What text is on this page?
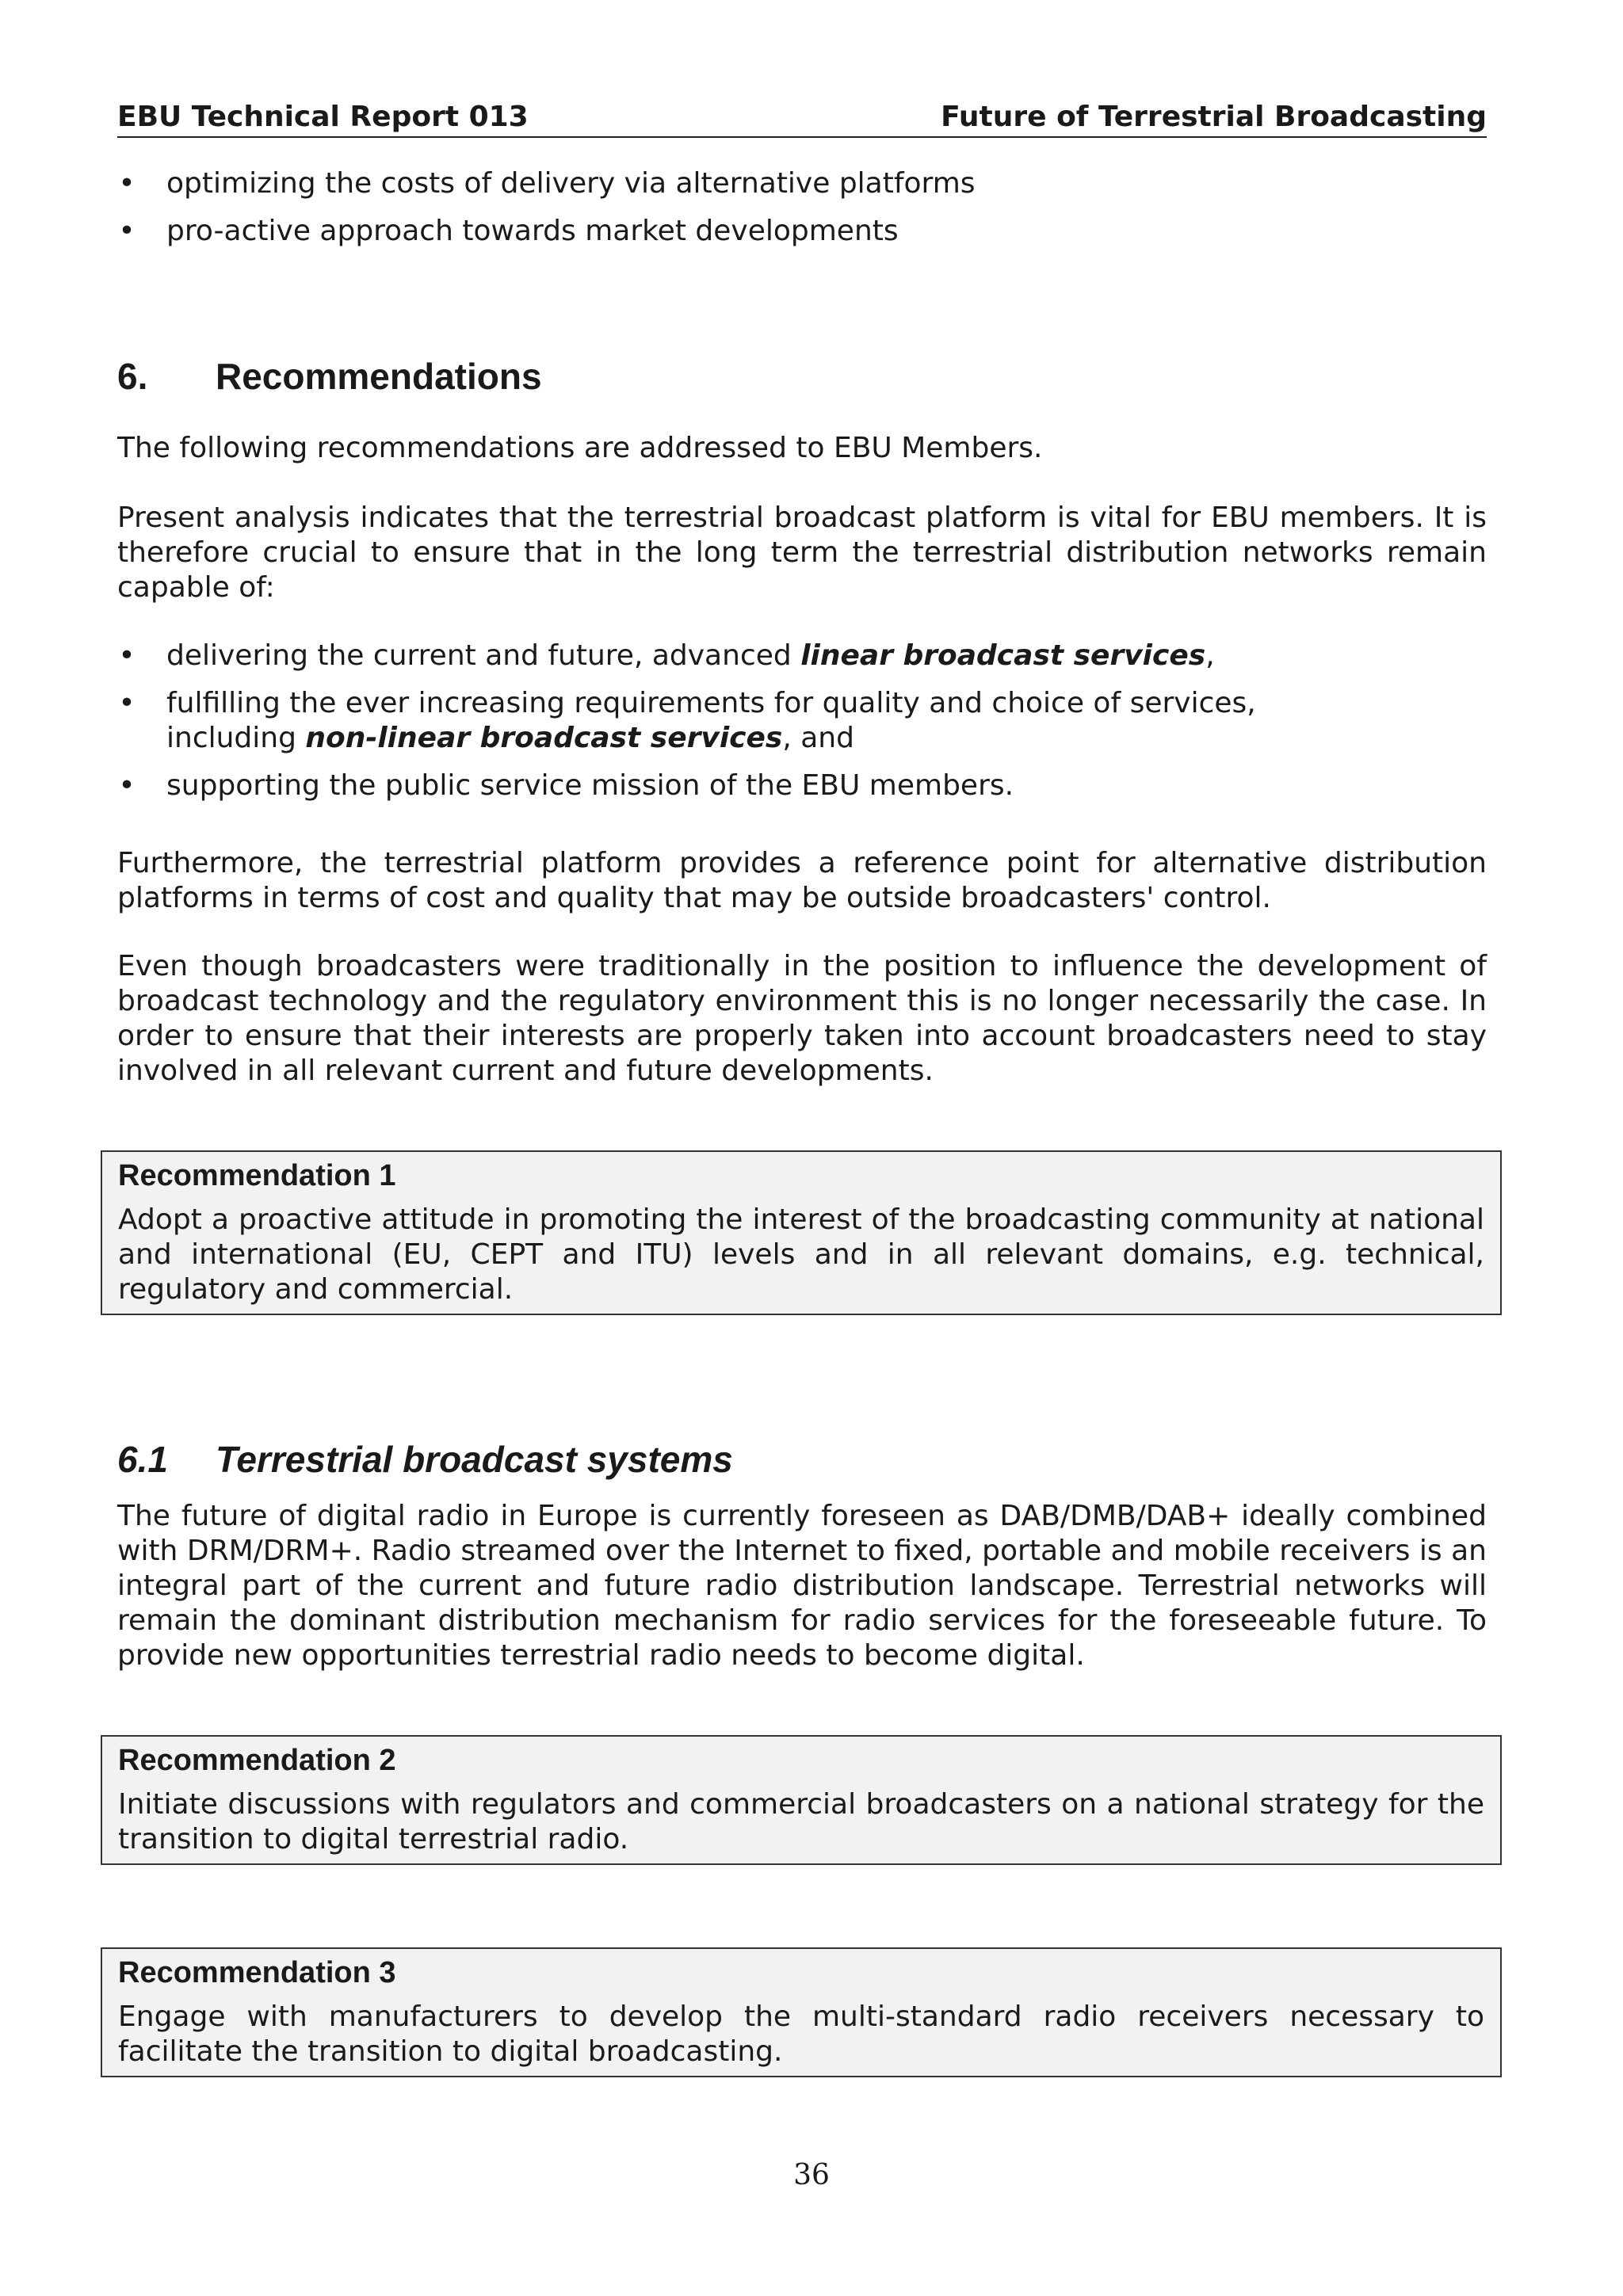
EBU Technical Report 013	Future of Terrestrial Broadcasting
• optimizing the costs of delivery via alternative platforms
• pro-active approach towards market developments
6.	Recommendations

The following recommendations are addressed to EBU Members.

Present analysis indicates that the terrestrial broadcast platform is vital for EBU members. It is therefore crucial to ensure that in the long term the terrestrial distribution networks remain capable of:

• delivering the current and future, advanced linear broadcast services,
• fulfilling the ever increasing requirements for quality and choice of services,
including non-linear broadcast services, and
• supporting the public service mission of the EBU members.

Furthermore, the terrestrial platform provides a reference point for alternative distribution platforms in terms of cost and quality that may be outside broadcasters' control.

Even though broadcasters were traditionally in the position to influence the development of broadcast technology and the regulatory environment this is no longer necessarily the case. In order to ensure that their interests are properly taken into account broadcasters need to stay involved in all relevant current and future developments.

Recommendation 1
Adopt a proactive attitude in promoting the interest of the broadcasting community at national and international (EU, CEPT and ITU) levels and in all relevant domains, e.g. technical, regulatory and commercial.
6.1	Terrestrial broadcast systems

The future of digital radio in Europe is currently foreseen as DAB/DMB/DAB+ ideally combined with DRM/DRM+. Radio streamed over the Internet to fixed, portable and mobile receivers is an integral part of the current and future radio distribution landscape. Terrestrial networks will remain the dominant distribution mechanism for radio services for the foreseeable future. To provide new opportunities terrestrial radio needs to become digital.

Recommendation 2
Initiate discussions with regulators and commercial broadcasters on a national strategy for the transition to digital terrestrial radio.
Recommendation 3
Engage with manufacturers to develop the multi-standard radio receivers necessary to facilitate the transition to digital broadcasting.
36
